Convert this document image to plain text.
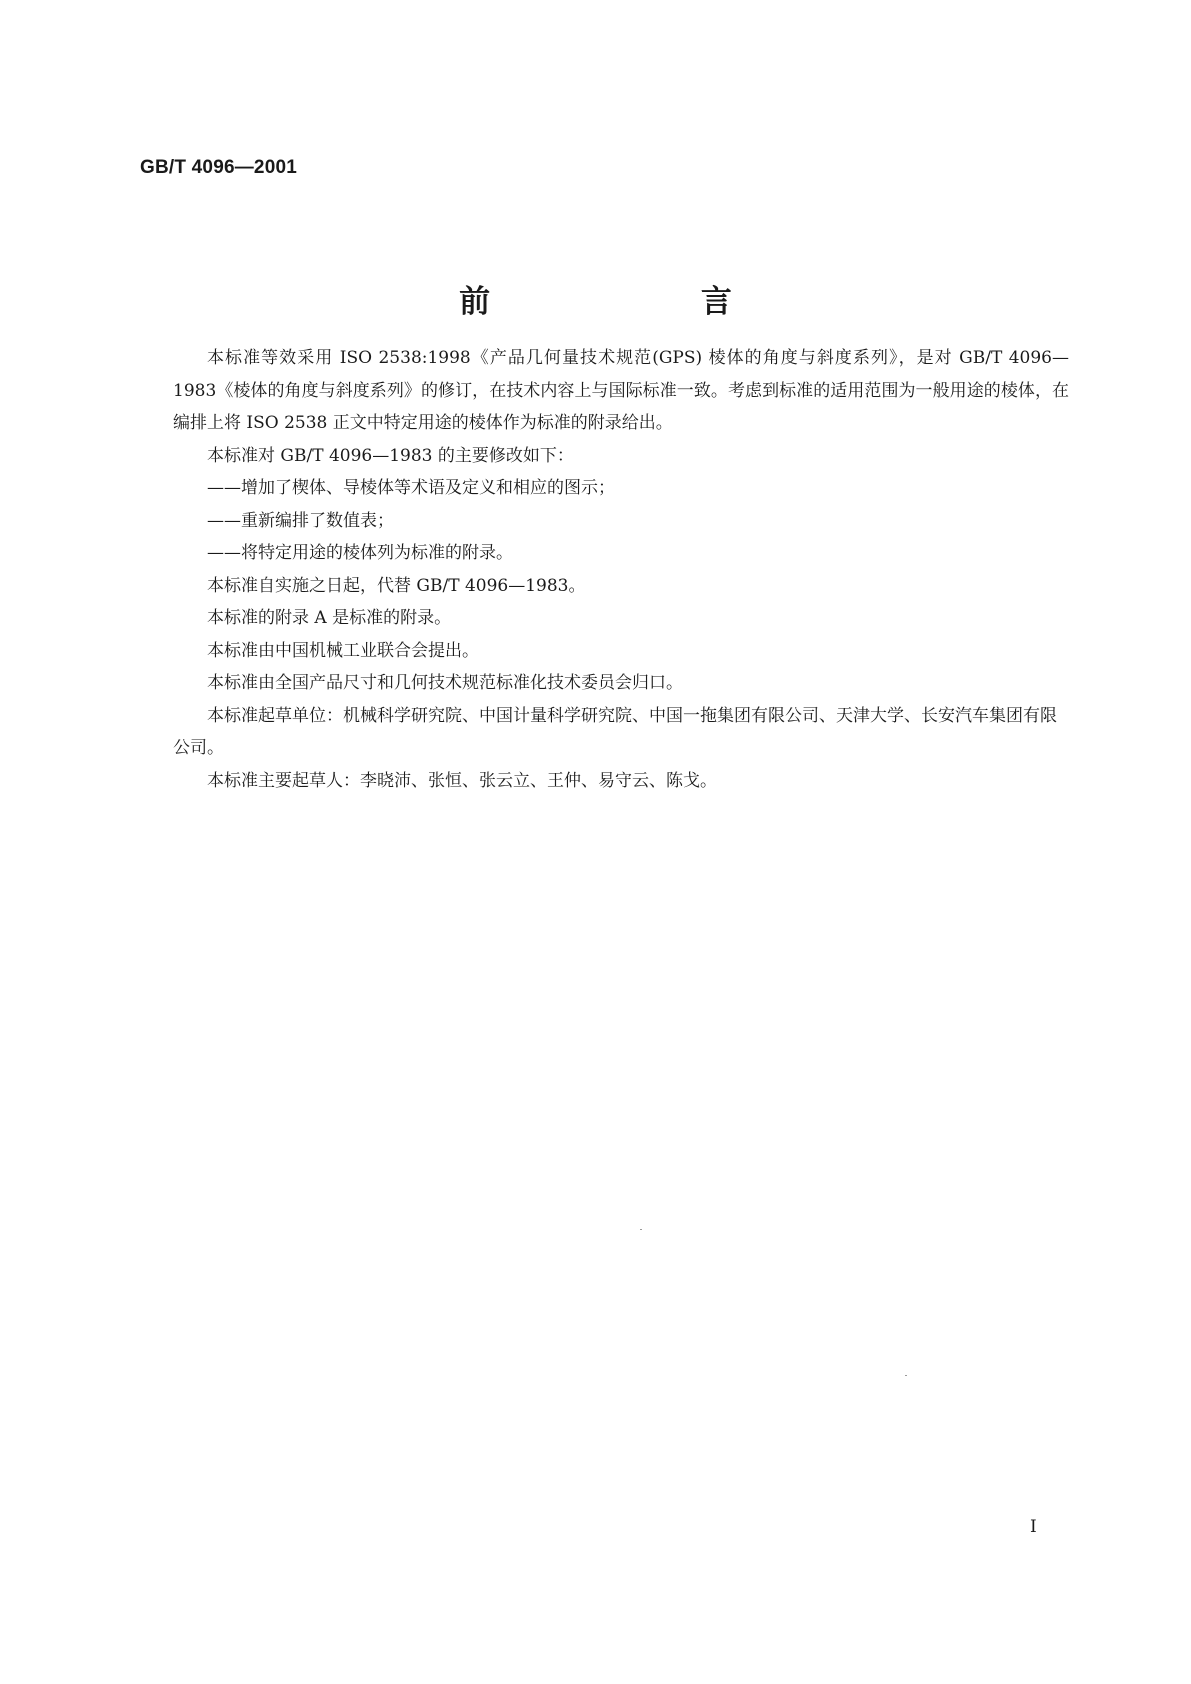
GB/T 4096—2001
前 言

本标准等效采用 ISO 2538:1998《产品几何量技术规范(GPS) 棱体的角度与斜度系列》，是对 GB/T 4096—1983《棱体的角度与斜度系列》的修订，在技术内容上与国际标准一致。考虑到标准的适用范围为一般用途的棱体，在编排上将 ISO 2538 正文中特定用途的棱体作为标准的附录给出。

本标准对 GB/T 4096—1983 的主要修改如下：

——增加了楔体、导棱体等术语及定义和相应的图示；

——重新编排了数值表；

——将特定用途的棱体列为标准的附录。

本标准自实施之日起，代替 GB/T 4096—1983。

本标准的附录 A 是标准的附录。

本标准由中国机械工业联合会提出。

本标准由全国产品尺寸和几何技术规范标准化技术委员会归口。

本标准起草单位：机械科学研究院、中国计量科学研究院、中国一拖集团有限公司、天津大学、长安汽车集团有限公司。

本标准主要起草人：李晓沛、张恒、张云立、王仲、易守云、陈戈。

I
